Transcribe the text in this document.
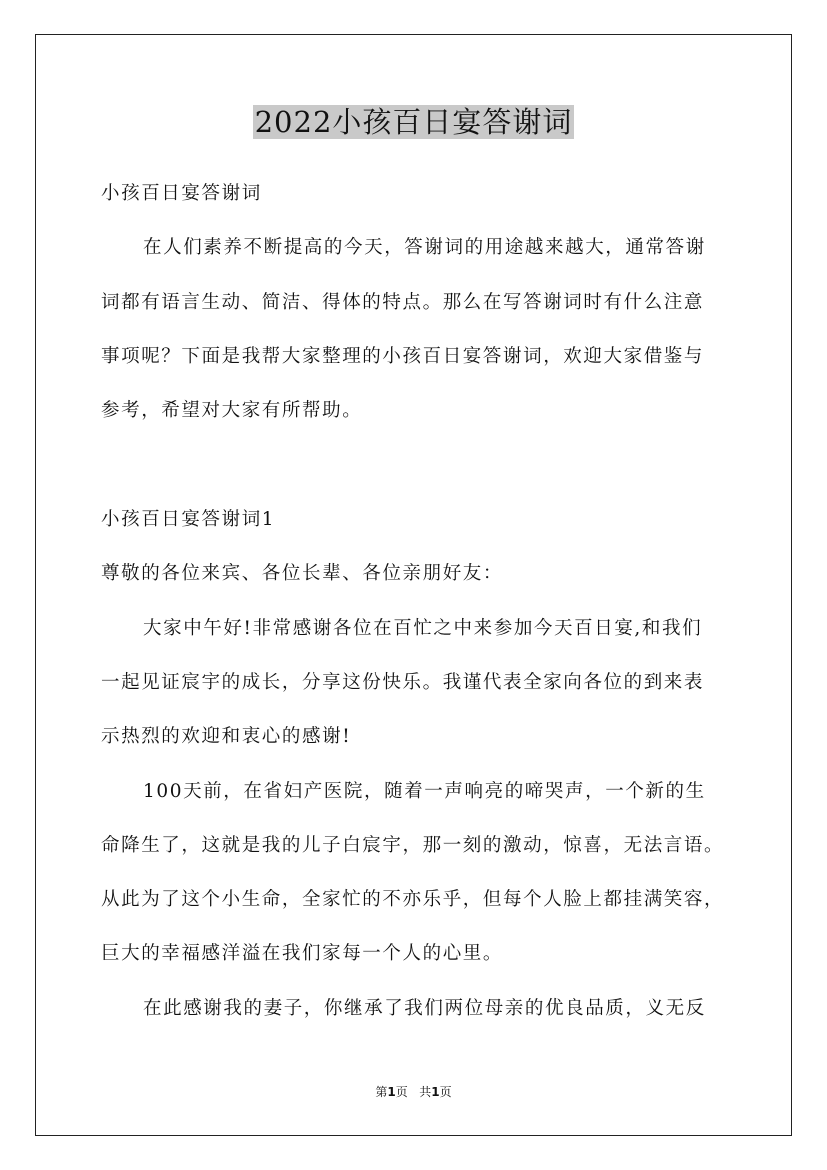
2022小孩百日宴答谢词
小孩百日宴答谢词
在人们素养不断提高的今天，答谢词的用途越来越大，通常答谢
词都有语言生动、简洁、得体的特点。那么在写答谢词时有什么注意
事项呢？下面是我帮大家整理的小孩百日宴答谢词，欢迎大家借鉴与
参考，希望对大家有所帮助。
小孩百日宴答谢词1
尊敬的各位来宾、各位长辈、各位亲朋好友：
大家中午好!非常感谢各位在百忙之中来参加今天百日宴,和我们
一起见证宸宇的成长，分享这份快乐。我谨代表全家向各位的到来表
示热烈的欢迎和衷心的感谢!
100天前，在省妇产医院，随着一声响亮的啼哭声，一个新的生
命降生了，这就是我的儿子白宸宇，那一刻的激动，惊喜，无法言语。
从此为了这个小生命，全家忙的不亦乐乎，但每个人脸上都挂满笑容，
巨大的幸福感洋溢在我们家每一个人的心里。
在此感谢我的妻子，你继承了我们两位母亲的优良品质，义无反
第1页   共1页
